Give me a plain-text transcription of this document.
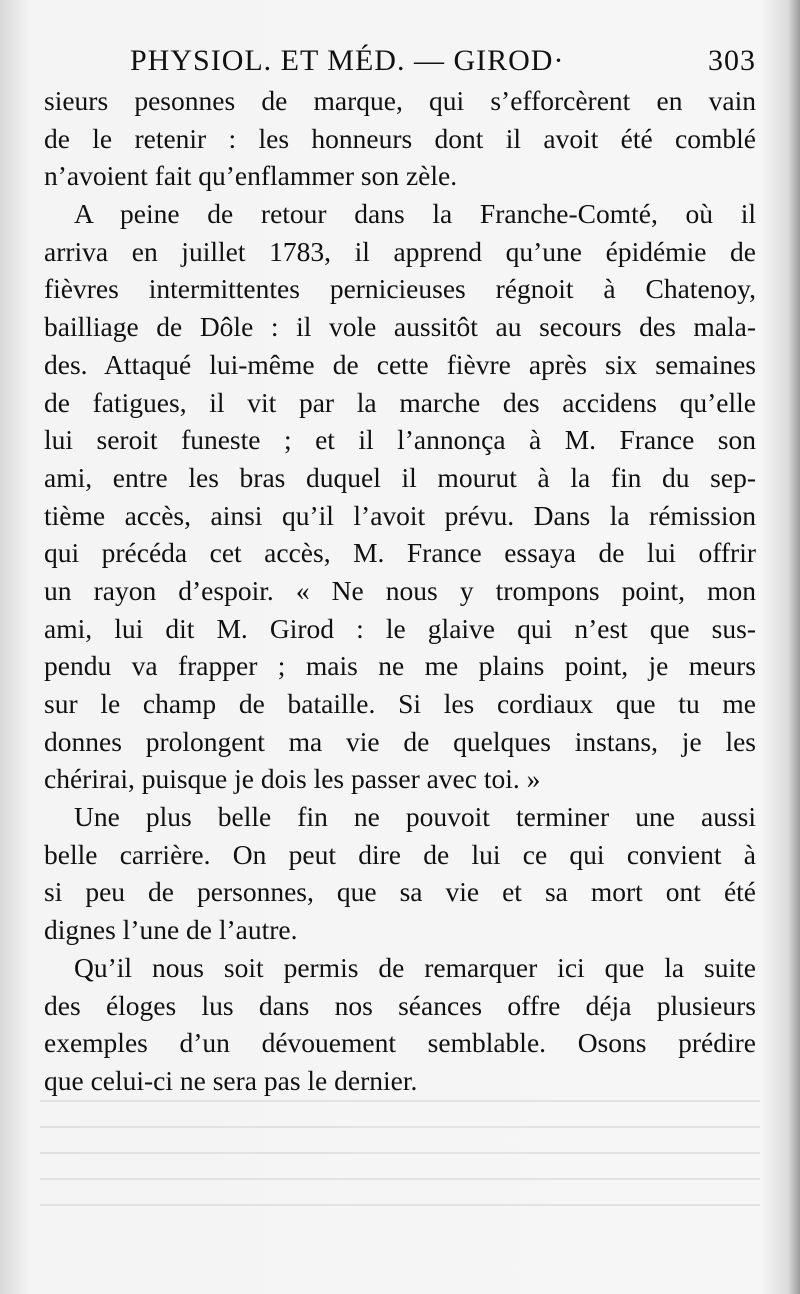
PHYSIOL. ET MÉD. — GIROD·	303
sieurs pesonnes de marque, qui s’efforcèrent en vain
de le retenir : les honneurs dont il avoit été comblé
n’avoient fait qu’enflammer son zèle.
A peine de retour dans la Franche-Comté, où il
arriva en juillet 1783, il apprend qu’une épidémie de
fièvres intermittentes pernicieuses régnoit à Chatenoy,
bailliage de Dôle : il vole aussitôt au secours des mala-
des. Attaqué lui-même de cette fièvre après six semaines
de fatigues, il vit par la marche des accidens qu’elle
lui seroit funeste ; et il l’annonça à M. France son
ami, entre les bras duquel il mourut à la fin du sep-
tième accès, ainsi qu’il l’avoit prévu. Dans la rémission
qui précéda cet accès, M. France essaya de lui offrir
un rayon d’espoir. « Ne nous y trompons point, mon
ami, lui dit M. Girod : le glaive qui n’est que sus-
pendu va frapper ; mais ne me plains point, je meurs
sur le champ de bataille. Si les cordiaux que tu me
donnes prolongent ma vie de quelques instans, je les
chérirai, puisque je dois les passer avec toi. »
Une plus belle fin ne pouvoit terminer une aussi
belle carrière. On peut dire de lui ce qui convient à
si peu de personnes, que sa vie et sa mort ont été
dignes l’une de l’autre.
Qu’il nous soit permis de remarquer ici que la suite
des éloges lus dans nos séances offre déja plusieurs
exemples d’un dévouement semblable. Osons prédire
que celui-ci ne sera pas le dernier.
